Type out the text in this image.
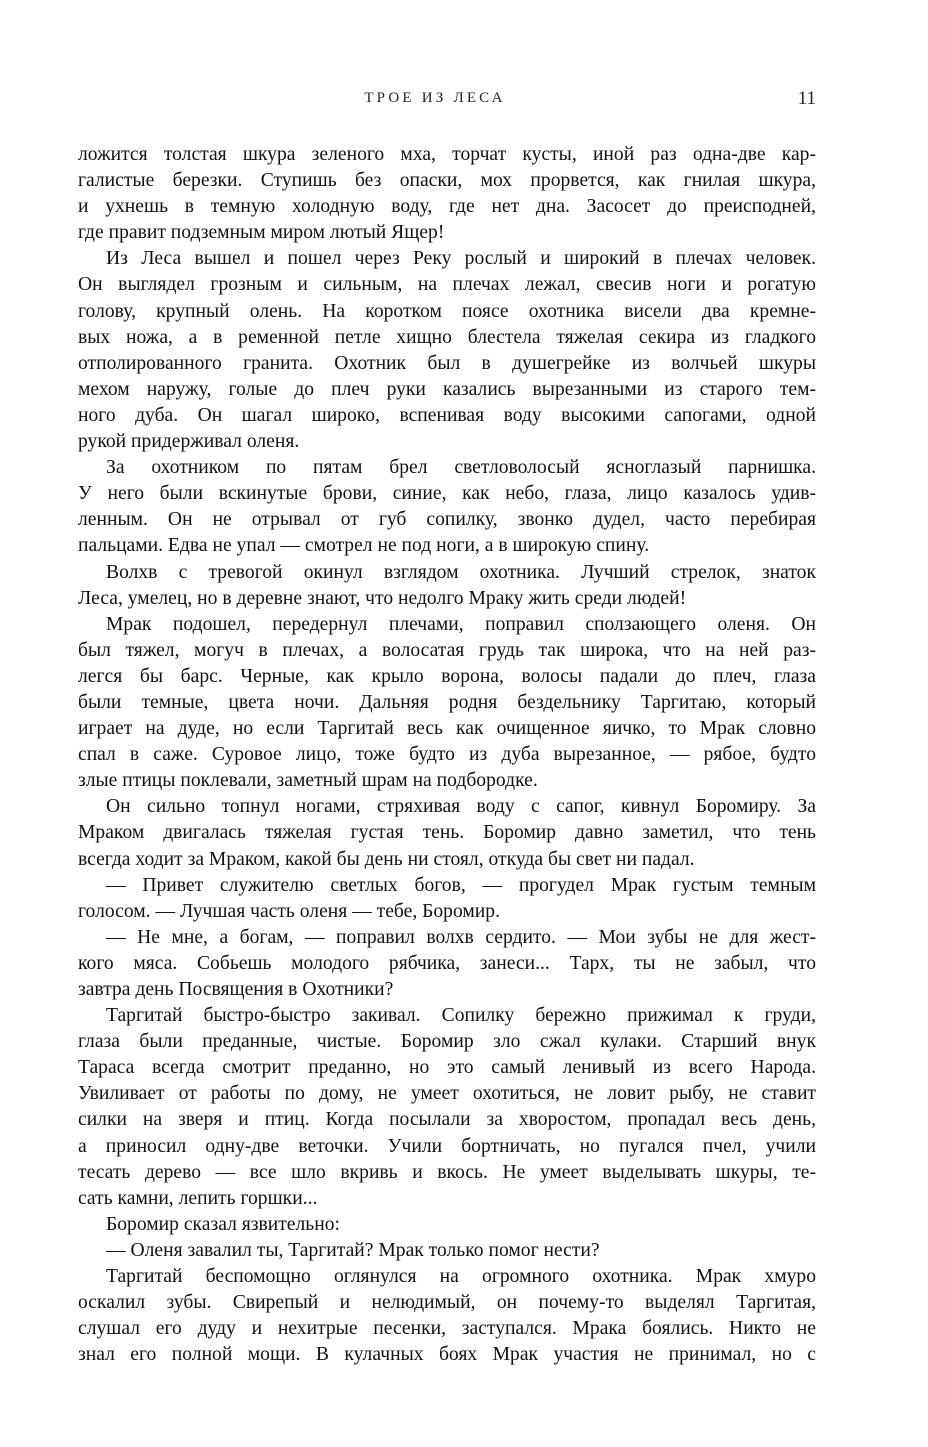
ТРОЕ ИЗ ЛЕСА	11
ложится толстая шкура зеленого мха, торчат кусты, иной раз одна-две кар-
галистые березки. Ступишь без опаски, мох прорвется, как гнилая шкура,
и ухнешь в темную холодную воду, где нет дна. Засосет до преисподней,
где правит подземным миром лютый Ящер!
Из Леса вышел и пошел через Реку рослый и широкий в плечах человек.
Он выглядел грозным и сильным, на плечах лежал, свесив ноги и рогатую
голову, крупный олень. На коротком поясе охотника висели два кремне-
вых ножа, а в ременной петле хищно блестела тяжелая секира из гладкого
отполированного гранита. Охотник был в душегрейке из волчьей шкуры
мехом наружу, голые до плеч руки казались вырезанными из старого тем-
ного дуба. Он шагал широко, вспенивая воду высокими сапогами, одной
рукой придерживал оленя.
За охотником по пятам брел светловолосый ясноглазый парнишка.
У него были вскинутые брови, синие, как небо, глаза, лицо казалось удив-
ленным. Он не отрывал от губ сопилку, звонко дудел, часто перебирая
пальцами. Едва не упал — смотрел не под ноги, а в широкую спину.
Волхв с тревогой окинул взглядом охотника. Лучший стрелок, знаток
Леса, умелец, но в деревне знают, что недолго Мраку жить среди людей!
Мрак подошел, передернул плечами, поправил сползающего оленя. Он
был тяжел, могуч в плечах, а волосатая грудь так широка, что на ней раз-
легся бы барс. Черные, как крыло ворона, волосы падали до плеч, глаза
были темные, цвета ночи. Дальняя родня бездельнику Таргитаю, который
играет на дуде, но если Таргитай весь как очищенное яичко, то Мрак словно
спал в саже. Суровое лицо, тоже будто из дуба вырезанное, — рябое, будто
злые птицы поклевали, заметный шрам на подбородке.
Он сильно топнул ногами, стряхивая воду с сапог, кивнул Боромиру. За
Мраком двигалась тяжелая густая тень. Боромир давно заметил, что тень
всегда ходит за Мраком, какой бы день ни стоял, откуда бы свет ни падал.
— Привет служителю светлых богов, — прогудел Мрак густым темным
голосом. — Лучшая часть оленя — тебе, Боромир.
— Не мне, а богам, — поправил волхв сердито. — Мои зубы не для жест-
кого мяса. Собьешь молодого рябчика, занеси... Тарх, ты не забыл, что
завтра день Посвящения в Охотники?
Таргитай быстро-быстро закивал. Сопилку бережно прижимал к груди,
глаза были преданные, чистые. Боромир зло сжал кулаки. Старший внук
Тараса всегда смотрит преданно, но это самый ленивый из всего Народа.
Увиливает от работы по дому, не умеет охотиться, не ловит рыбу, не ставит
силки на зверя и птиц. Когда посылали за хворостом, пропадал весь день,
а приносил одну-две веточки. Учили бортничать, но пугался пчел, учили
тесать дерево — все шло вкривь и вкось. Не умеет выделывать шкуры, те-
сать камни, лепить горшки...
Боромир сказал язвительно:
— Оленя завалил ты, Таргитай? Мрак только помог нести?
Таргитай беспомощно оглянулся на огромного охотника. Мрак хмуро
оскалил зубы. Свирепый и нелюдимый, он почему-то выделял Таргитая,
слушал его дуду и нехитрые песенки, заступался. Мрака боялись. Никто не
знал его полной мощи. В кулачных боях Мрак участия не принимал, но с
